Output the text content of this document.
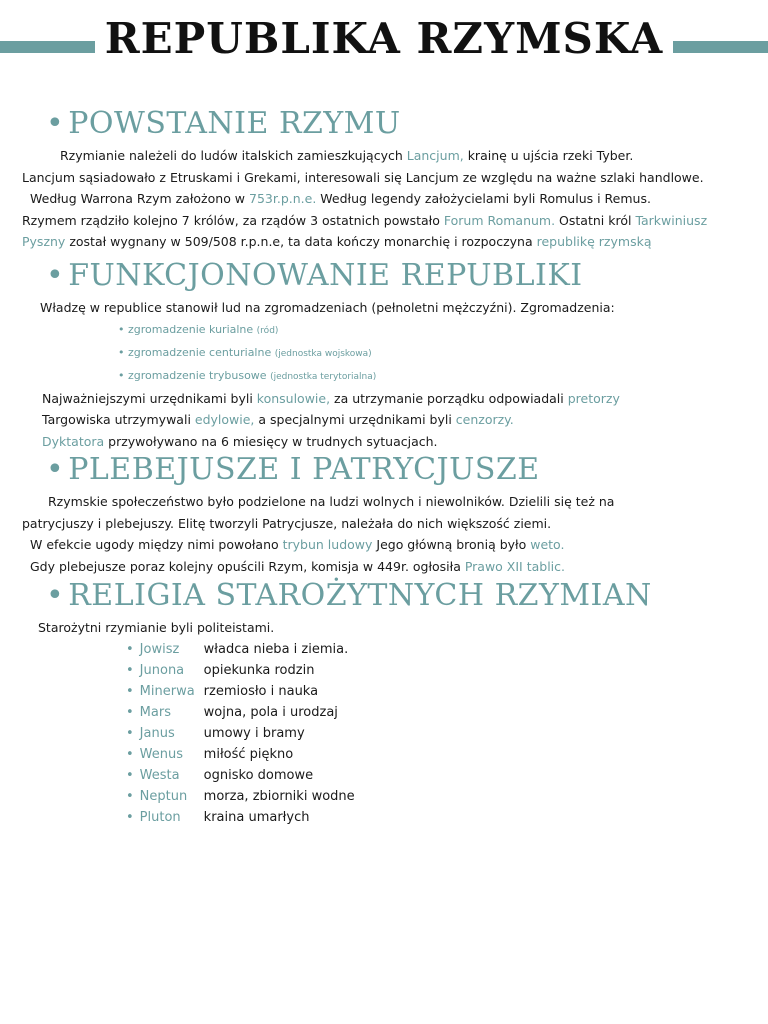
REPUBLIKA RZYMSKA
• POWSTANIE RZYMU

Rzymianie należeli do ludów italskich zamieszkujących Lancjum, krainę u ujścia rzeki Tyber.

Lancjum sąsiadowało z Etruskami i Grekami, interesowali się Lancjum ze względu na ważne szlaki handlowe.

Według Warrona Rzym założono w 753r.p.n.e. Według legendy założycielami byli Romulus i Remus.

Rzymem rządziło kolejno 7 królów, za rządów 3 ostatnich powstało Forum Romanum. Ostatni król Tarkwiniusz

Pyszny został wygnany w 509/508 r.p.n.e, ta data kończy monarchię i rozpoczyna republikę rzymską

• FUNKCJONOWANIE REPUBLIKI

Władzę w republice stanowił lud na zgromadzeniach (pełnoletni mężczyźni). Zgromadzenia:

• zgromadzenie kurialne (ród)
• zgromadzenie centurialne (jednostka wojskowa)
• zgromadzenie trybusowe (jednostka terytorialna)

Najważniejszymi urzędnikami byli konsulowie, za utrzymanie porządku odpowiadali pretorzy

Targowiska utrzymywali edylowie, a specjalnymi urzędnikami byli cenzorzy.

Dyktatora przywoływano na 6 miesięcy w trudnych sytuacjach.

• PLEBEJUSZE I PATRYCJUSZE

Rzymskie społeczeństwo było podzielone na ludzi wolnych i niewolników. Dzielili się też na

patrycjuszy i plebejuszy. Elitę tworzyli Patrycjusze, należała do nich większość ziemi.

W efekcie ugody między nimi powołano trybun ludowy Jego główną bronią było weto.

Gdy plebejusze poraz kolejny opuścili Rzym, komisja w 449r. ogłosiła Prawo XII tablic.

• RELIGIA STAROŻYTNYCH RZYMIAN

Starożytni rzymianie byli politeistami.

• Jowisz władca nieba i ziemia.
• Junona opiekunka rodzin
• Minerwa rzemiosło i nauka
• Mars	wojna, pola i urodzaj
• Janus umowy i bramy
• Wenus miłość piękno
• Westa ognisko domowe
• Neptun morza, zbiorniki wodne
• Pluton kraina umarłych
